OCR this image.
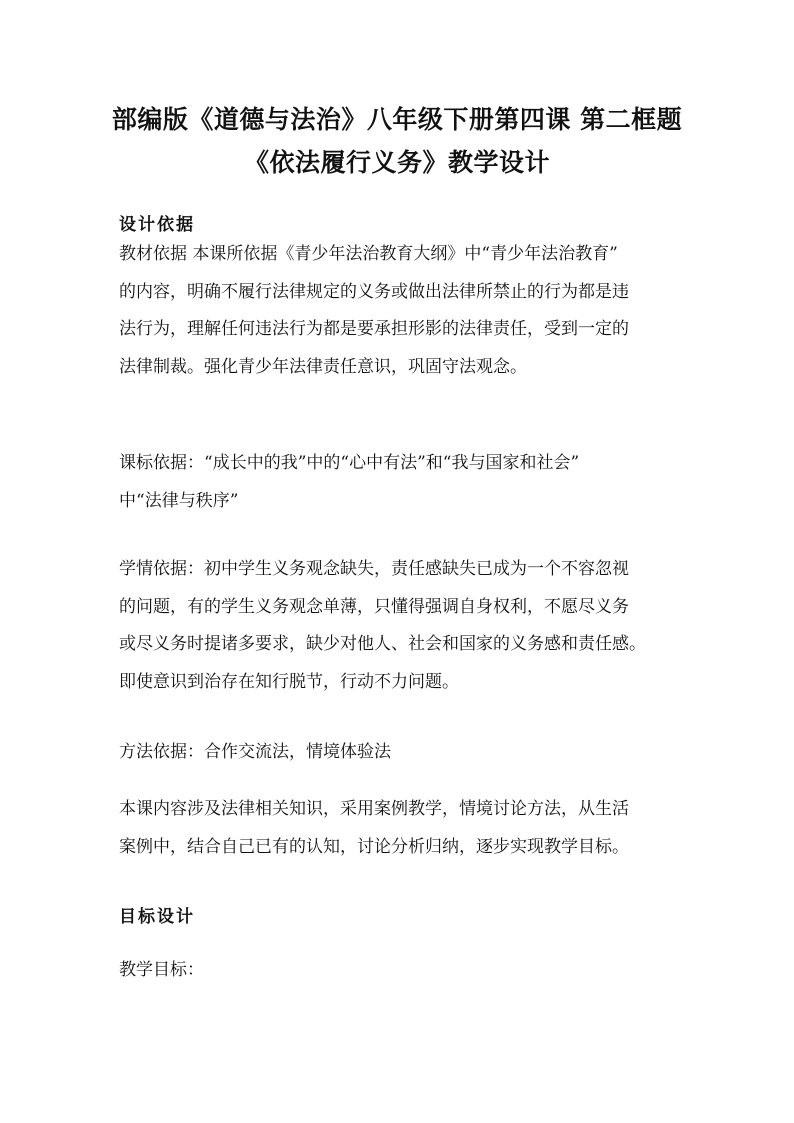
部编版《道德与法治》八年级下册第四课 第二框题
《依法履行义务》教学设计
设计依据
教材依据 本课所依据《青少年法治教育大纲》中“青少年法治教育”
的内容，明确不履行法律规定的义务或做出法律所禁止的行为都是违
法行为，理解任何违法行为都是要承担形影的法律责任，受到一定的
法律制裁。强化青少年法律责任意识，巩固守法观念。
课标依据：“成长中的我”中的“心中有法”和“我与国家和社会”
中“法律与秩序”
学情依据：初中学生义务观念缺失，责任感缺失已成为一个不容忽视
的问题，有的学生义务观念单薄，只懂得强调自身权利，不愿尽义务
或尽义务时提诸多要求，缺少对他人、社会和国家的义务感和责任感。
即使意识到治存在知行脱节，行动不力问题。
方法依据：合作交流法，情境体验法
本课内容涉及法律相关知识，采用案例教学，情境讨论方法，从生活
案例中，结合自己已有的认知，讨论分析归纳，逐步实现教学目标。
目标设计
教学目标：
